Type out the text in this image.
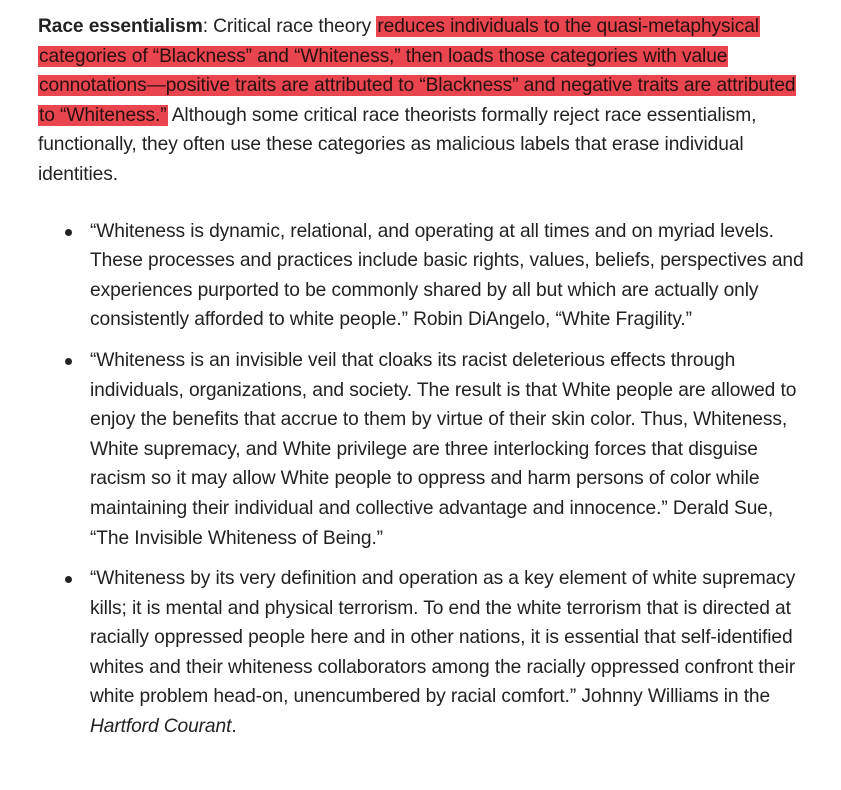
Race essentialism: Critical race theory reduces individuals to the quasi-metaphysical categories of “Blackness” and “Whiteness,” then loads those categories with value connotations—positive traits are attributed to “Blackness” and negative traits are attributed to “Whiteness.” Although some critical race theorists formally reject race essentialism, functionally, they often use these categories as malicious labels that erase individual identities.

“Whiteness is dynamic, relational, and operating at all times and on myriad levels. These processes and practices include basic rights, values, beliefs, perspectives and experiences purported to be commonly shared by all but which are actually only consistently afforded to white people.” Robin DiAngelo, “White Fragility.”
“Whiteness is an invisible veil that cloaks its racist deleterious effects through individuals, organizations, and society. The result is that White people are allowed to enjoy the benefits that accrue to them by virtue of their skin color. Thus, Whiteness, White supremacy, and White privilege are three interlocking forces that disguise racism so it may allow White people to oppress and harm persons of color while maintaining their individual and collective advantage and innocence.” Derald Sue, “The Invisible Whiteness of Being.”
“Whiteness by its very definition and operation as a key element of white supremacy kills; it is mental and physical terrorism. To end the white terrorism that is directed at racially oppressed people here and in other nations, it is essential that self-identified whites and their whiteness collaborators among the racially oppressed confront their white problem head-on, unencumbered by racial comfort.” Johnny Williams in the Hartford Courant.
